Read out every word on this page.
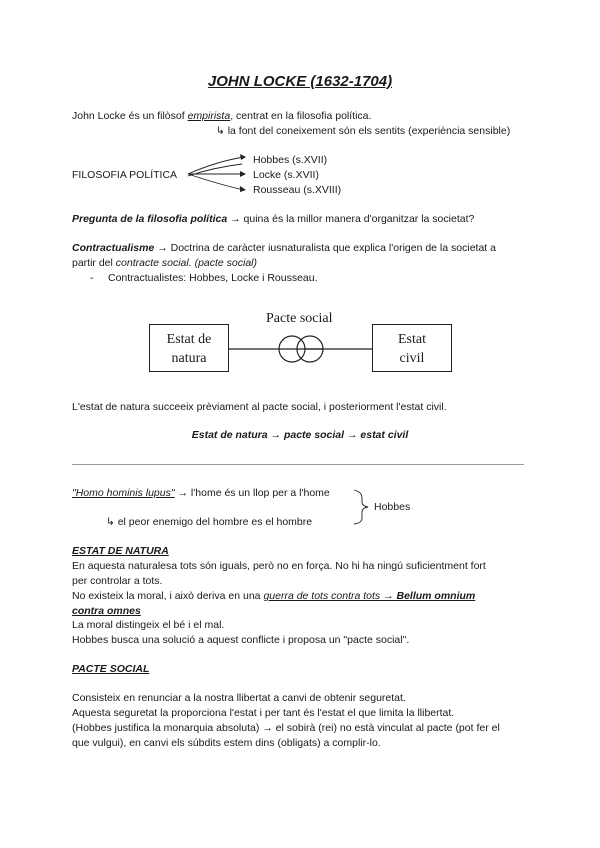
JOHN LOCKE (1632-1704)
John Locke és un filòsof empirista, centrat en la filosofia política.
↳ la font del coneixement són els sentits (experiència sensible)
FILOSOFIA POLÍTICA
Hobbes (s.XVII)
Locke (s.XVII)
Rousseau (s.XVIII)
Pregunta de la filosofia política → quina és la millor manera d'organitzar la societat?
Contractualisme → Doctrina de caràcter iusnaturalista que explica l'origen de la societat a
partir del contracte social. (pacte social)
- Contractualistes: Hobbes, Locke i Rousseau.
Estat de
natura
Pacte social
Estat
civil
L'estat de natura succeeix prèviament al pacte social, i posteriorment l'estat civil.
Estat de natura → pacte social → estat civil
"Homo hominis lupus" → l'home és un llop per a l'home
↳ el peor enemigo del hombre es el hombre
Hobbes
ESTAT DE NATURA
En aquesta naturalesa tots són iguals, però no en força. No hi ha ningú suficientment fort
per controlar a tots.
No existeix la moral, i això deriva en una guerra de tots contra tots → Bellum omnium
contra omnes
La moral distingeix el bé i el mal.
Hobbes busca una solució a aquest conflicte i proposa un "pacte social".
PACTE SOCIAL
Consisteix en renunciar a la nostra llibertat a canvi de obtenir seguretat.
Aquesta seguretat la proporciona l'estat i per tant és l'estat el que limita la llibertat.
(Hobbes justifica la monarquia absoluta) → el sobirà (rei) no està vinculat al pacte (pot fer el
que vulgui), en canvi els súbdits estem dins (obligats) a complir-lo.
